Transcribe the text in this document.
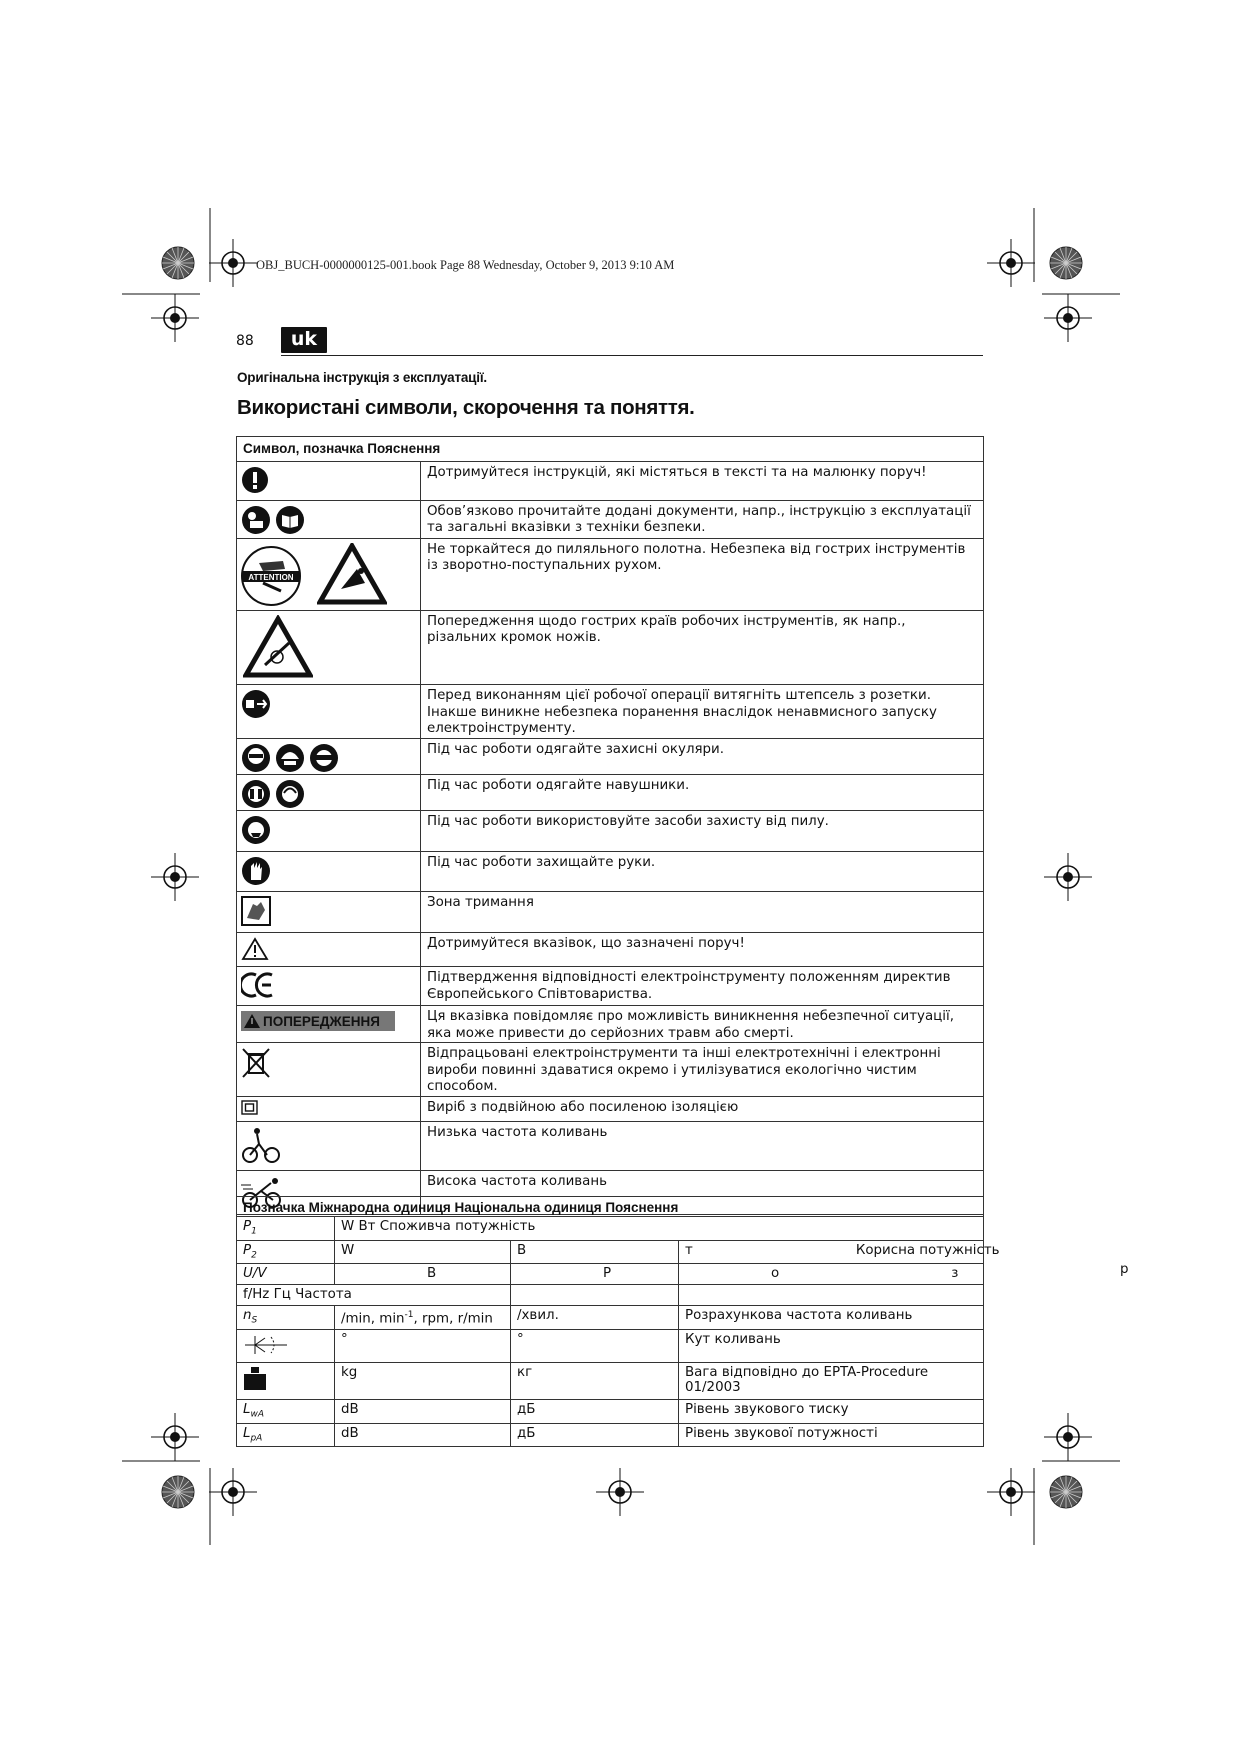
OBJ_BUCH-0000000125-001.book Page 88 Wednesday, October 9, 2013 9:10 AM
88	uk
Оригінальна інструкція з експлуатації.
Використані символи, скорочення та поняття.
Символ, позначка Пояснення	

	Дотримуйтеся інструкцій, які містяться в тексті та на малюнку поруч!

	Обов’язково прочитайте додані документи, напр., інструкцію з експлуатації та загальні вказівки з техніки безпеки.

ATTENTION	Не торкайтеся до пиляльного полотна. Небезпека від гострих інструментів із зворотно-поступальних рухом.

	Попередження щодо гострих країв робочих інструментів, як напр., різальних кромок ножів.

	Перед виконанням цієї робочої операції витягніть штепсель з розетки. Інакше виникне небезпека поранення внаслідок ненавмисного запуску електроінструменту.

	Під час роботи одягайте захисні окуляри.

	Під час роботи одягайте навушники.

	Під час роботи використовуйте засоби захисту від пилу.

	Під час роботи захищайте руки.

	Зона тримання

	Дотримуйтеся вказівок, що зазначені поруч!

	Підтвердження відповідності електроінструменту положенням директив Європейського Співтовариства.

ПОПЕРЕДЖЕННЯ	Ця вказівка повідомляє про можливість виникнення небезпечної ситуації, яка може привести до серйозних травм або смерті.

	Відпрацьовані електроінструменти та інші електротехнічні і електронні вироби повинні здаватися окремо і утилізуватися екологічно чистим способом.

	Виріб з подвійною або посиленою ізоляцією

	Низька частота коливань

	Висока частота коливань
Позначка Міжнародна одиниця Національна одиниця Пояснення			
$P_1$	W Вт Споживча потужність		
$P_2$	W	В	т Корисна потужність
U/V	В	Р	о з
f/Hz Гц Частота			
$n_S$	/min, $\min^{-1}$, rpm, r/min	/хвил.	Розрахункова частота коливань

	°	°	Кут коливань

	kg	кг	Вага відповідно до EPTA-Procedure 01/2003
$L_{wA}$	dB	дБ	Рівень звукового тиску
$L_{pA}$	dB	дБ	Рівень звукової потужності
р
